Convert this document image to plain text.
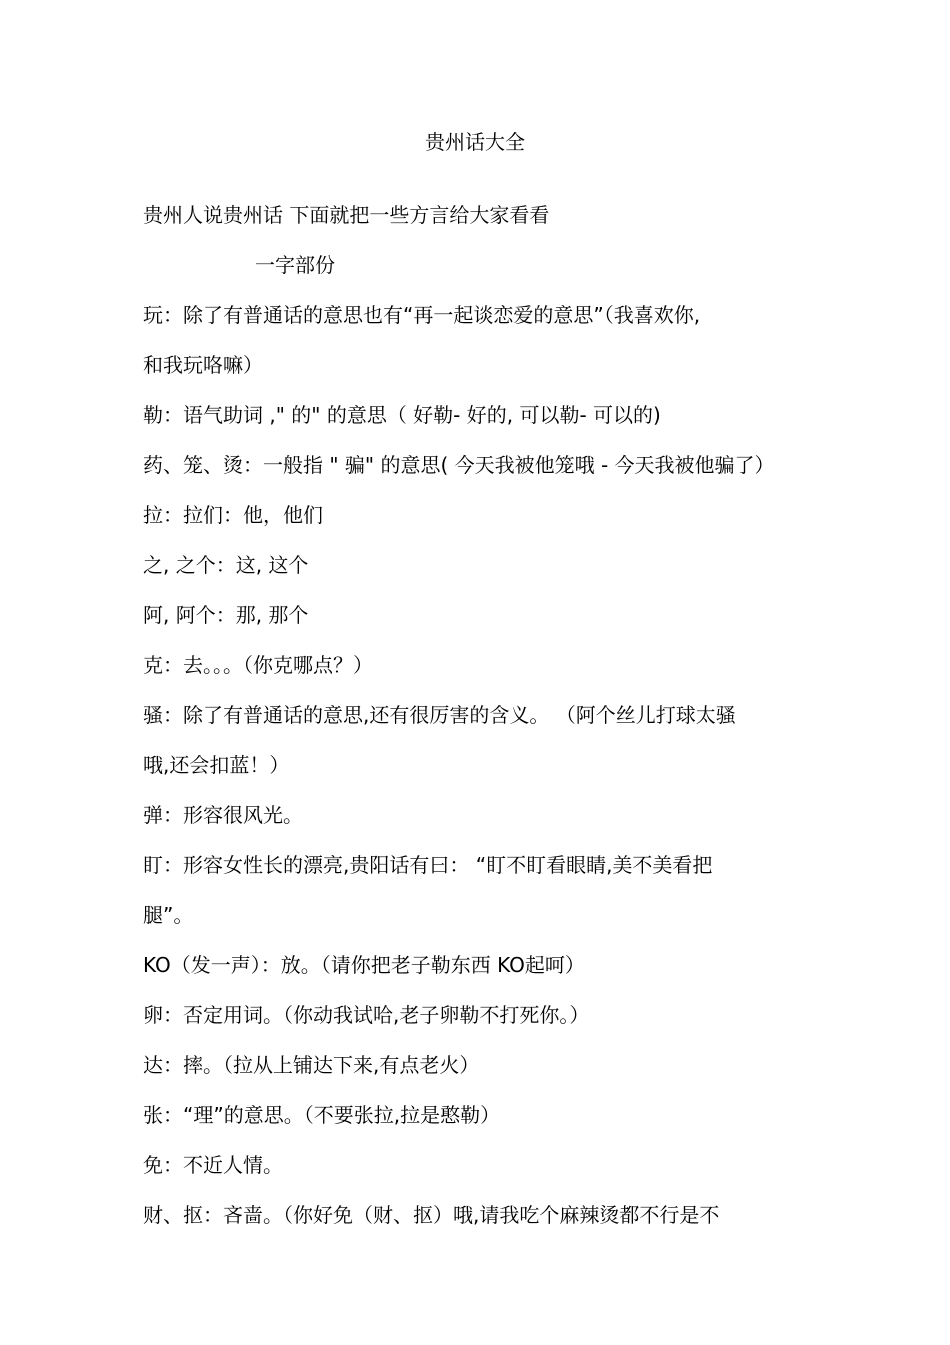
贵州话大全
贵州人说贵州话 下面就把一些方言给大家看看
一字部份
玩：除了有普通话的意思也有“再一起谈恋爱的意思”（我喜欢你,
和我玩咯嘛）
勒：语气助词 ," 的" 的意思（ 好勒- 好的, 可以勒- 可以的)
药、笼、烫：一般指 " 骗" 的意思( 今天我被他笼哦 - 今天我被他骗了）
拉：拉们：他，他们
之, 之个：这, 这个
阿, 阿个：那, 那个
克：去。。。（你克哪点？）
骚：除了有普通话的意思,还有很厉害的含义。 （阿个丝儿打球太骚
哦,还会扣蓝！）
弹：形容很风光。
盯：形容女性长的漂亮,贵阳话有曰： “盯不盯看眼睛,美不美看把
腿”。
KO（发一声）：放。（请你把老子勒东西 KO起呵）
卵：否定用词。（你动我试哈,老子卵勒不打死你。）
达：摔。（拉从上铺达下来,有点老火）
张：“理”的意思。（不要张拉,拉是憨勒）
免：不近人情。
财、抠：吝啬。（你好免（财、抠）哦,请我吃个麻辣烫都不行是不
